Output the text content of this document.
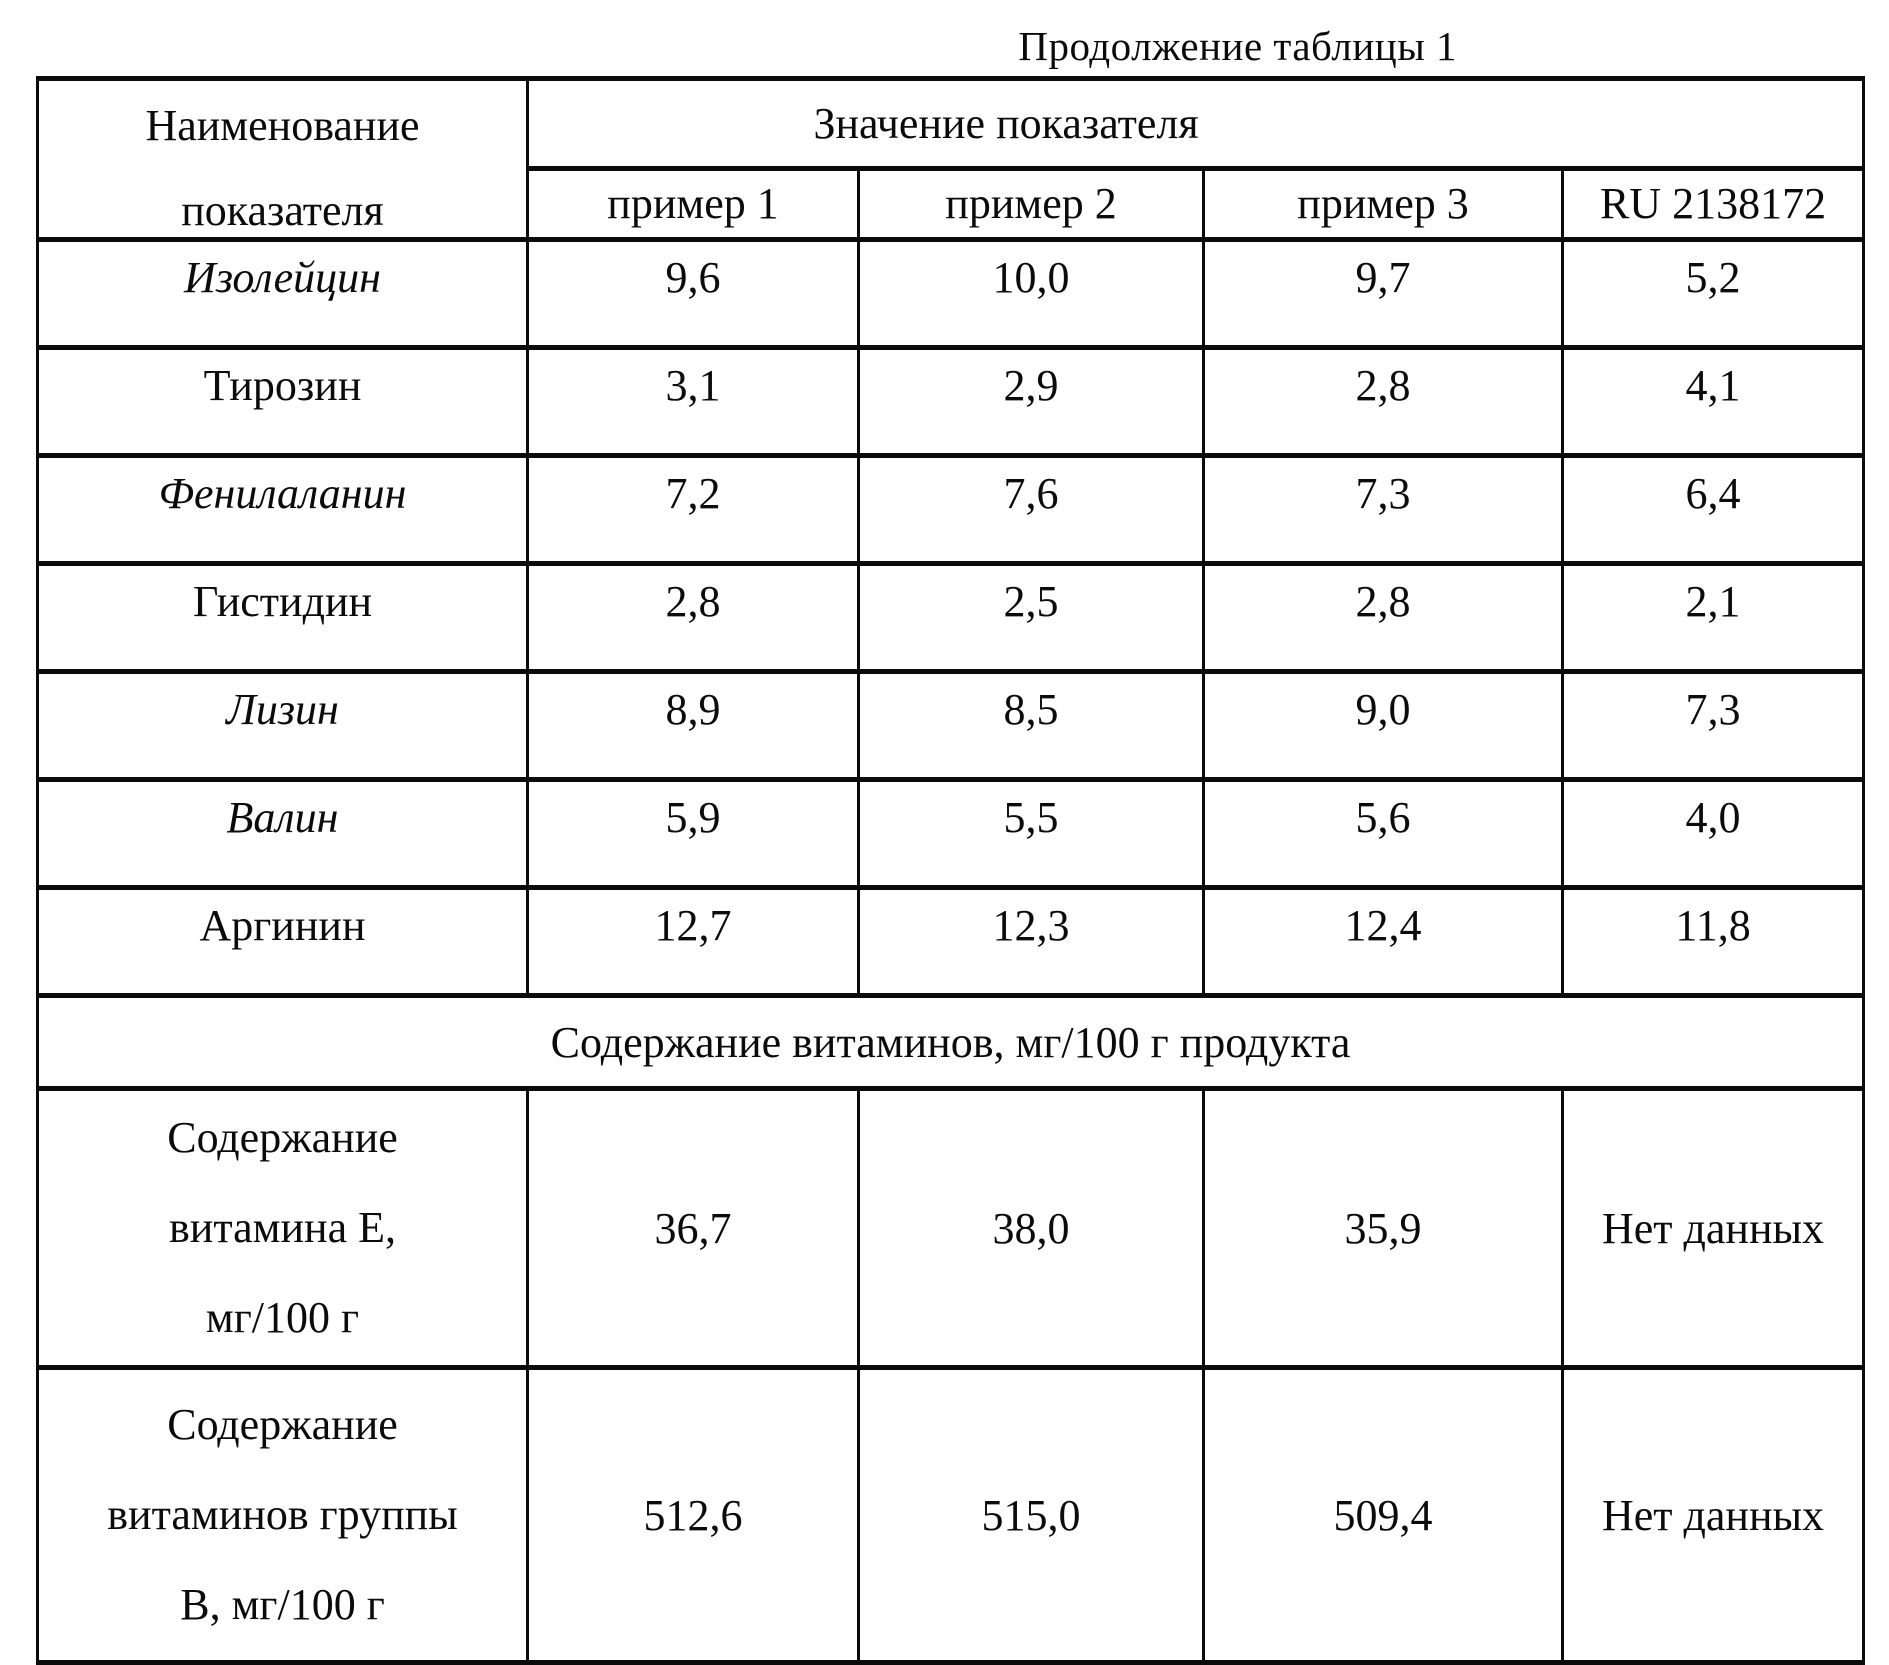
Продолжение таблицы 1
Наименование
показателя	Значение показателя			
	пример 1	пример 2	пример 3	RU 2138172
Изолейцин	9,6	10,0	9,7	5,2
Тирозин	3,1	2,9	2,8	4,1
Фенилаланин	7,2	7,6	7,3	6,4
Гистидин	2,8	2,5	2,8	2,1
Лизин	8,9	8,5	9,0	7,3
Валин	5,9	5,5	5,6	4,0
Аргинин	12,7	12,3	12,4	11,8
Содержание витаминов, мг/100 г продукта				

Содержание
витамина Е,
мг/100 г	36,7	38,0	35,9	Нет данных

Содержание
витаминов группы
В, мг/100 г	512,6	515,0	509,4	Нет данных
